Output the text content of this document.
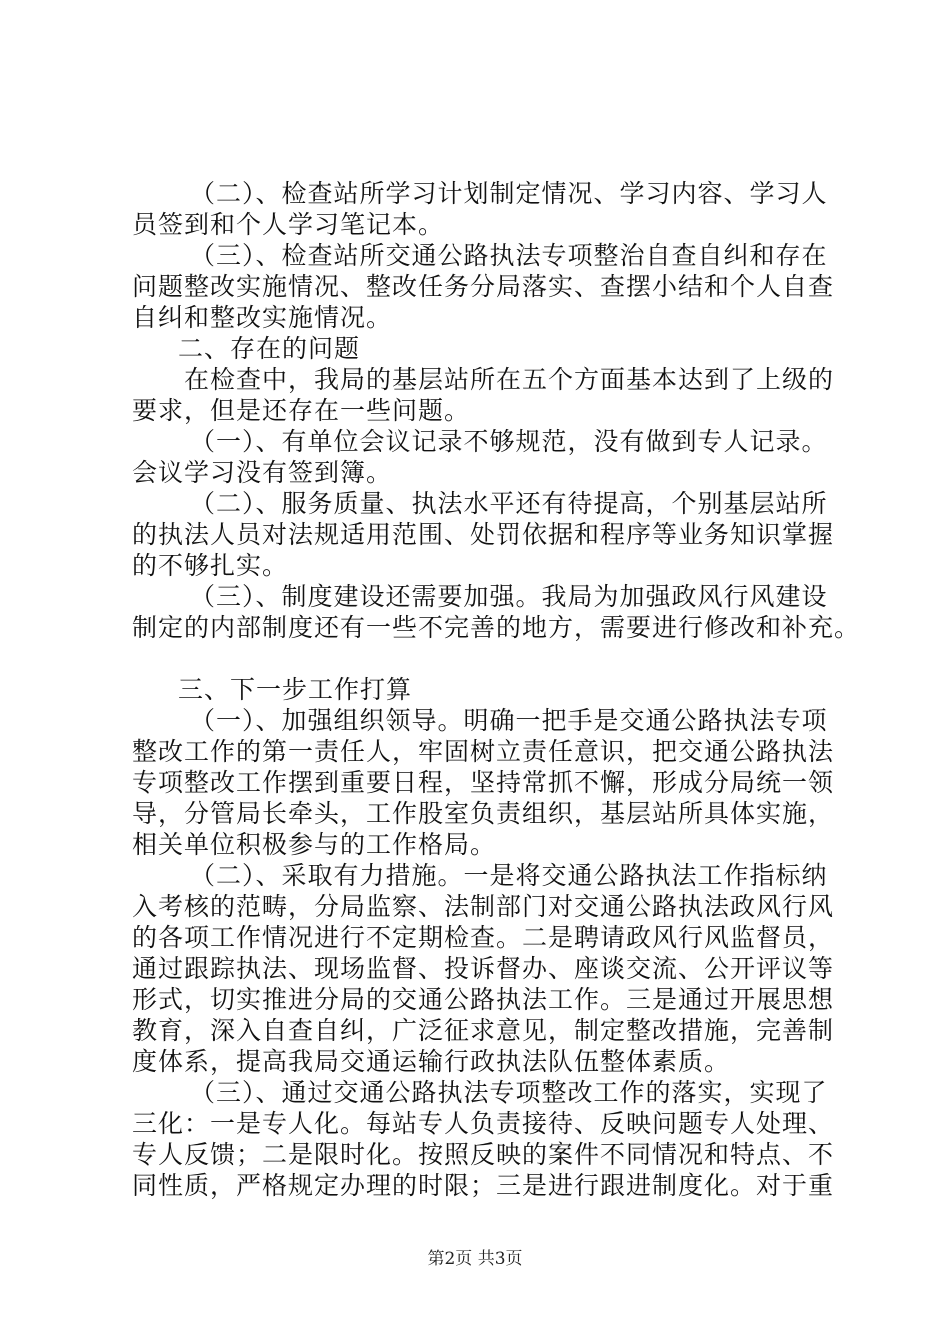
（二）、检查站所学习计划制定情况、学习内容、学习人
员签到和个人学习笔记本。
（三）、检查站所交通公路执法专项整治自查自纠和存在
问题整改实施情况、整改任务分局落实、查摆小结和个人自查
自纠和整改实施情况。
二、存在的问题
在检查中，我局的基层站所在五个方面基本达到了上级的
要求，但是还存在一些问题。
（一）、有单位会议记录不够规范，没有做到专人记录。
会议学习没有签到簿。
（二）、服务质量、执法水平还有待提高，个别基层站所
的执法人员对法规适用范围、处罚依据和程序等业务知识掌握
的不够扎实。
（三）、制度建设还需要加强。我局为加强政风行风建设
制定的内部制度还有一些不完善的地方，需要进行修改和补充。
三、下一步工作打算
（一）、加强组织领导。明确一把手是交通公路执法专项
整改工作的第一责任人，牢固树立责任意识，把交通公路执法
专项整改工作摆到重要日程，坚持常抓不懈，形成分局统一领
导，分管局长牵头，工作股室负责组织，基层站所具体实施，
相关单位积极参与的工作格局。
（二）、采取有力措施。一是将交通公路执法工作指标纳
入考核的范畴，分局监察、法制部门对交通公路执法政风行风
的各项工作情况进行不定期检查。二是聘请政风行风监督员，
通过跟踪执法、现场监督、投诉督办、座谈交流、公开评议等
形式，切实推进分局的交通公路执法工作。三是通过开展思想
教育，深入自查自纠，广泛征求意见，制定整改措施，完善制
度体系，提高我局交通运输行政执法队伍整体素质。
（三）、通过交通公路执法专项整改工作的落实，实现了
三化：一是专人化。每站专人负责接待、反映问题专人处理、
专人反馈；二是限时化。按照反映的案件不同情况和特点、不
同性质，严格规定办理的时限；三是进行跟进制度化。对于重
第2页 共3页
